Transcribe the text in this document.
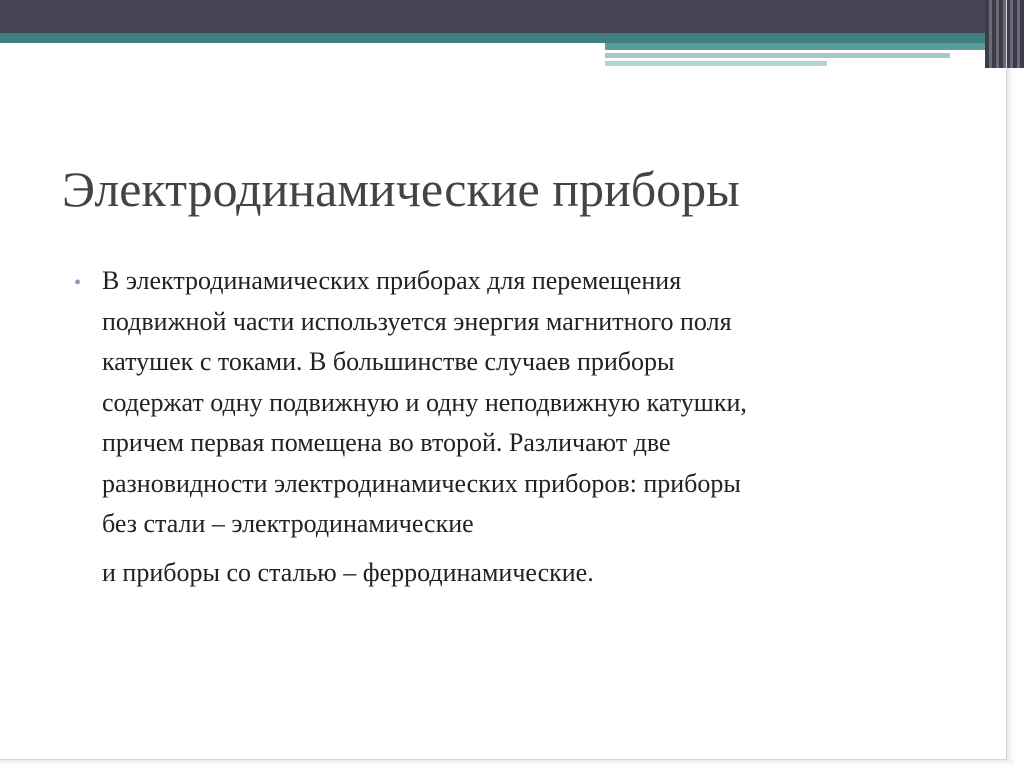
Электродинамические приборы
• В электродинамических приборах для перемещения
подвижной части используется энергия магнитного поля
катушек с токами. В большинстве случаев приборы
содержат одну подвижную и одну неподвижную катушки,
причем первая помещена во второй. Различают две
разновидности электродинамических приборов: приборы
без стали – электродинамические

и приборы со сталью – ферродинамические.
